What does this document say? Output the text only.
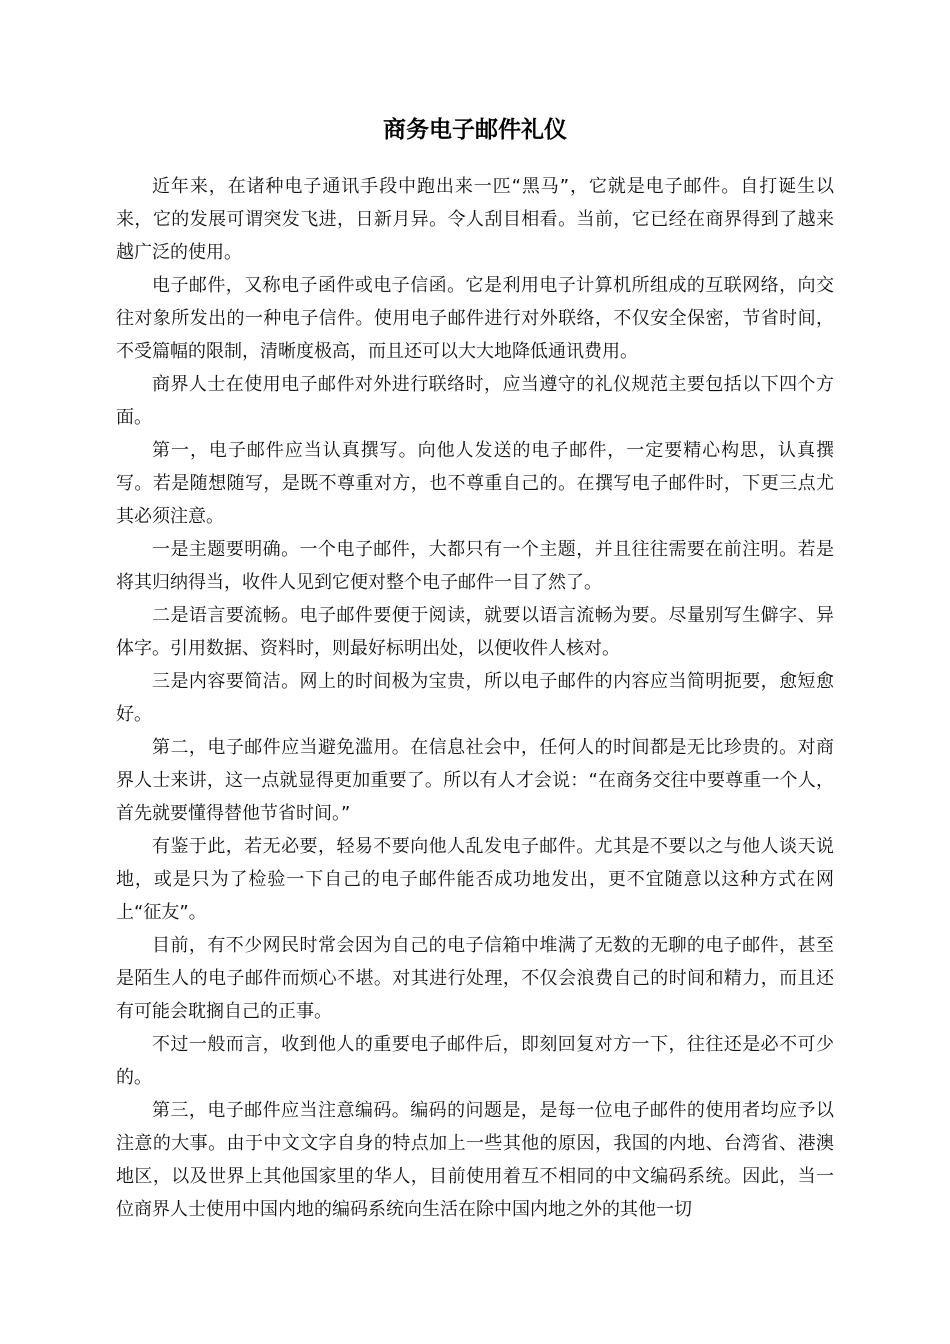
商务电子邮件礼仪

近年来，在诸种电子通讯手段中跑出来一匹“黑马”，它就是电子邮件。自打诞生以来，它的发展可谓突发飞进，日新月异。令人刮目相看。当前，它已经在商界得到了越来越广泛的使用。

电子邮件，又称电子函件或电子信函。它是利用电子计算机所组成的互联网络，向交往对象所发出的一种电子信件。使用电子邮件进行对外联络，不仅安全保密，节省时间，不受篇幅的限制，清晰度极高，而且还可以大大地降低通讯费用。

商界人士在使用电子邮件对外进行联络时，应当遵守的礼仪规范主要包括以下四个方面。

第一，电子邮件应当认真撰写。向他人发送的电子邮件，一定要精心构思，认真撰写。若是随想随写，是既不尊重对方，也不尊重自己的。在撰写电子邮件时，下更三点尤其必须注意。

一是主题要明确。一个电子邮件，大都只有一个主题，并且往往需要在前注明。若是将其归纳得当，收件人见到它便对整个电子邮件一目了然了。

二是语言要流畅。电子邮件要便于阅读，就要以语言流畅为要。尽量别写生僻字、异体字。引用数据、资料时，则最好标明出处，以便收件人核对。

三是内容要简洁。网上的时间极为宝贵，所以电子邮件的内容应当简明扼要，愈短愈好。

第二，电子邮件应当避免滥用。在信息社会中，任何人的时间都是无比珍贵的。对商界人士来讲，这一点就显得更加重要了。所以有人才会说：“在商务交往中要尊重一个人，首先就要懂得替他节省时间。”

有鉴于此，若无必要，轻易不要向他人乱发电子邮件。尤其是不要以之与他人谈天说地，或是只为了检验一下自己的电子邮件能否成功地发出，更不宜随意以这种方式在网上“征友”。

目前，有不少网民时常会因为自己的电子信箱中堆满了无数的无聊的电子邮件，甚至是陌生人的电子邮件而烦心不堪。对其进行处理，不仅会浪费自己的时间和精力，而且还有可能会耽搁自己的正事。

不过一般而言，收到他人的重要电子邮件后，即刻回复对方一下，往往还是必不可少的。

第三，电子邮件应当注意编码。编码的问题是，是每一位电子邮件的使用者均应予以注意的大事。由于中文文字自身的特点加上一些其他的原因，我国的内地、台湾省、港澳地区，以及世界上其他国家里的华人，目前使用着互不相同的中文编码系统。因此，当一位商界人士使用中国内地的编码系统向生活在除中国内地之外的其他一切
